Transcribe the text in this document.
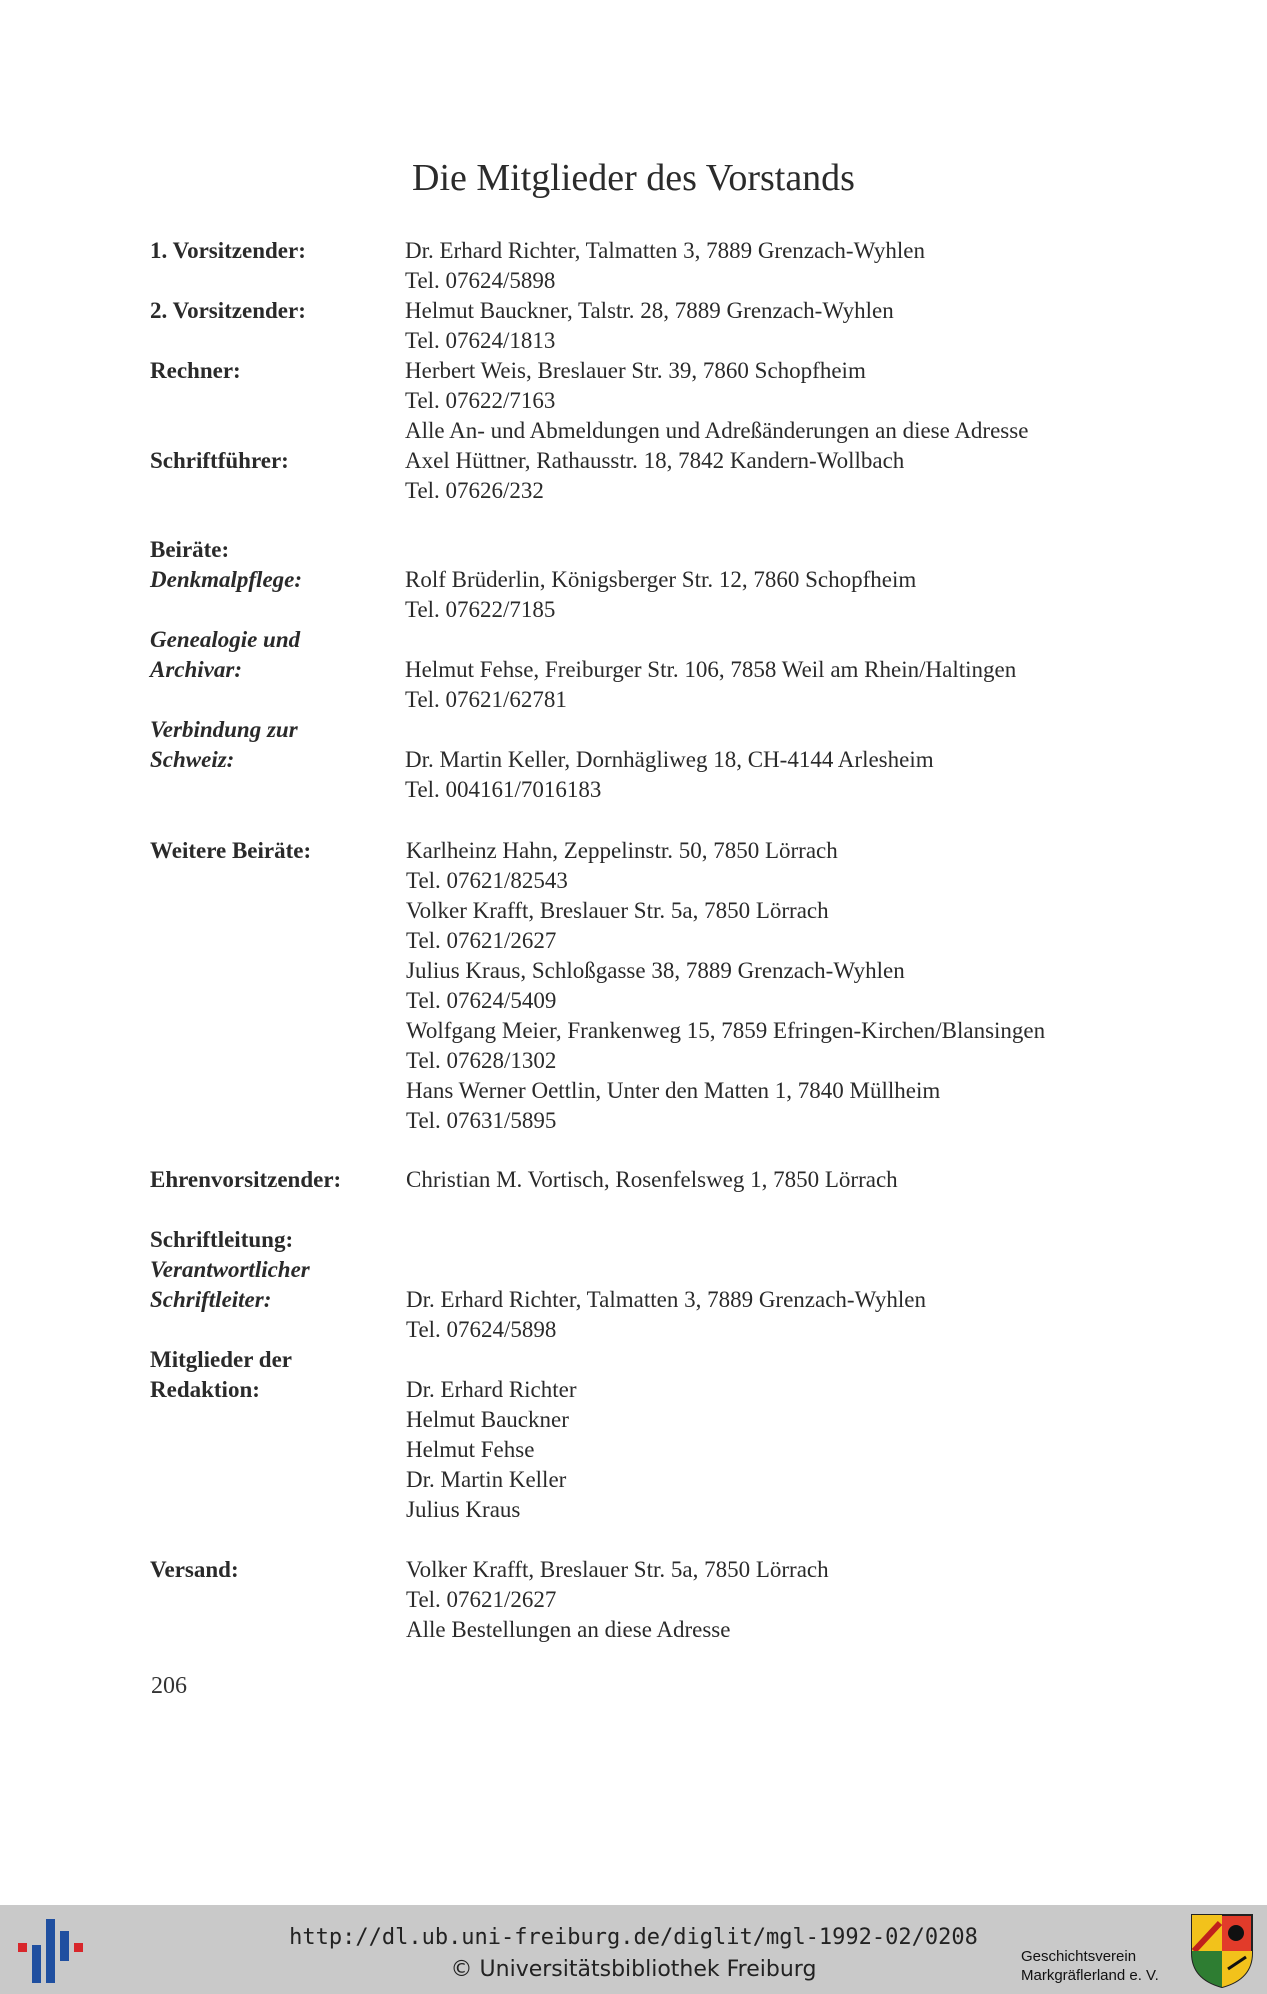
Die Mitglieder des Vorstands
1. Vorsitzender:	Dr. Erhard Richter, Talmatten 3, 7889 Grenzach-Wyhlen
Tel. 07624/5898
2. Vorsitzender:	Helmut Bauckner, Talstr. 28, 7889 Grenzach-Wyhlen
Tel. 07624/1813
Rechner:	Herbert Weis, Breslauer Str. 39, 7860 Schopfheim
Tel. 07622/7163
Alle An- und Abmeldungen und Adreßänderungen an diese Adresse
Schriftführer:	Axel Hüttner, Rathausstr. 18, 7842 Kandern-Wollbach
Tel. 07626/232
Beiräte:
Denkmalpflege:	Rolf Brüderlin, Königsberger Str. 12, 7860 Schopfheim
Tel. 07622/7185
Genealogie und
Archivar:	Helmut Fehse, Freiburger Str. 106, 7858 Weil am Rhein/Haltingen
Tel. 07621/62781
Verbindung zur
Schweiz:	Dr. Martin Keller, Dornhägliweg 18, CH-4144 Arlesheim
Tel. 004161/7016183
Weitere Beiräte:	Karlheinz Hahn, Zeppelinstr. 50, 7850 Lörrach
Tel. 07621/82543
Volker Krafft, Breslauer Str. 5a, 7850 Lörrach
Tel. 07621/2627
Julius Kraus, Schloßgasse 38, 7889 Grenzach-Wyhlen
Tel. 07624/5409
Wolfgang Meier, Frankenweg 15, 7859 Efringen-Kirchen/Blansingen
Tel. 07628/1302
Hans Werner Oettlin, Unter den Matten 1, 7840 Müllheim
Tel. 07631/5895
Ehrenvorsitzender:	Christian M. Vortisch, Rosenfelsweg 1, 7850 Lörrach
Schriftleitung:
Verantwortlicher
Schriftleiter:	Dr. Erhard Richter, Talmatten 3, 7889 Grenzach-Wyhlen
Tel. 07624/5898
Mitglieder der
Redaktion:	Dr. Erhard Richter
Helmut Bauckner
Helmut Fehse
Dr. Martin Keller
Julius Kraus
Versand:	Volker Krafft, Breslauer Str. 5a, 7850 Lörrach
Tel. 07621/2627
Alle Bestellungen an diese Adresse
206
http://dl.ub.uni-freiburg.de/diglit/mgl-1992-02/0208
© Universitätsbibliothek Freiburg
Geschichtsverein
Markgräflerland e. V.
